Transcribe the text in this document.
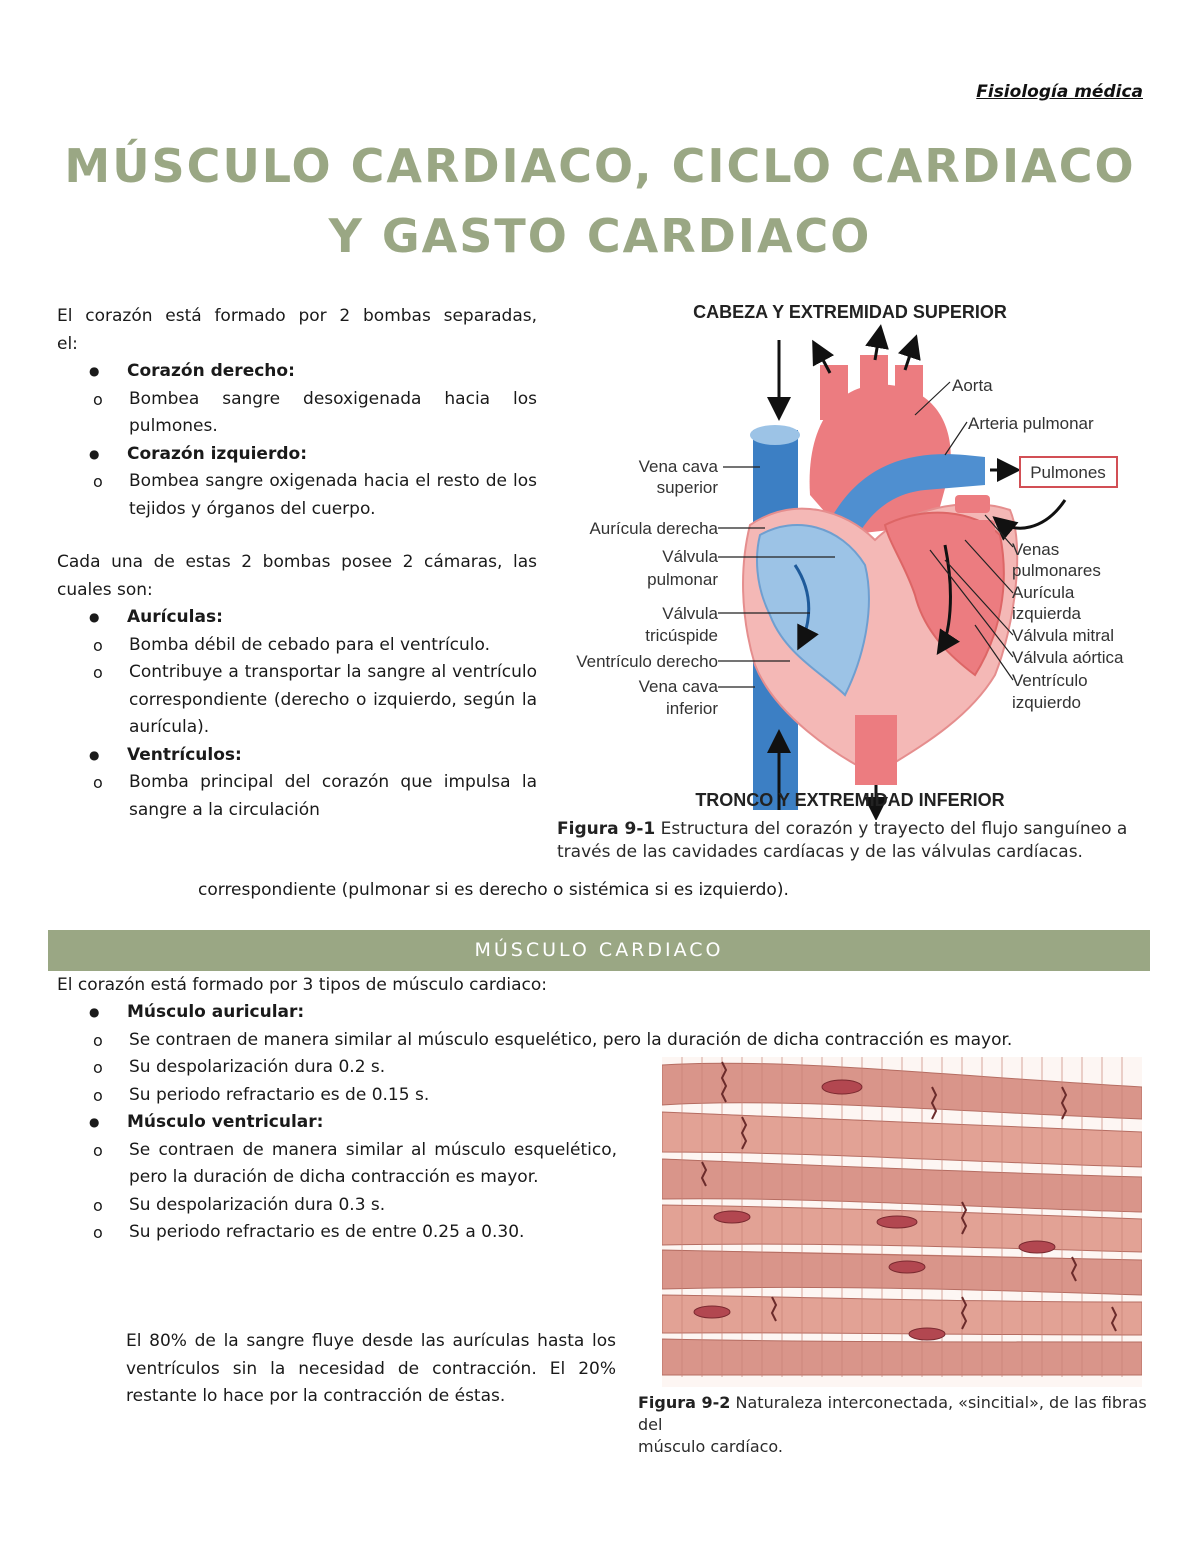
Fisiología médica
MÚSCULO CARDIACO, CICLO CARDIACO
Y GASTO CARDIACO
El corazón está formado por 2 bombas separadas,
el:
● Corazón derecho:
o Bombea sangre desoxigenada hacia los pulmones.
● Corazón izquierdo:
o Bombea sangre oxigenada hacia el resto de los tejidos y órganos del cuerpo.
Cada una de estas 2 bombas posee 2 cámaras, las cuales son:
● Aurículas:
o Bomba débil de cebado para el ventrículo.
o Contribuye a transportar la sangre al ventrículo correspondiente (derecho o izquierdo, según la aurícula).
● Ventrículos:
o Bomba principal del corazón que impulsa la sangre a la circulación
correspondiente (pulmonar si es derecho o sistémica si es izquierdo).
CABEZA Y EXTREMIDAD SUPERIOR
TRONCO Y EXTREMIDAD INFERIOR
Aorta
Arteria pulmonar
Pulmones
Vena cava
superior
Aurícula derecha
Válvula
pulmonar
Válvula
tricúspide
Ventrículo derecho
Vena cava
inferior
Venas
pulmonares
Aurícula
izquierda
Válvula mitral
Válvula aórtica
Ventrículo
izquierdo
Figura 9-1 Estructura del corazón y trayecto del flujo sanguíneo a
través de las cavidades cardíacas y de las válvulas cardíacas.
MÚSCULO CARDIACO
El corazón está formado por 3 tipos de músculo cardiaco:
● Músculo auricular:
o Se contraen de manera similar al músculo esquelético, pero la duración de dicha contracción es mayor.
o Su despolarización dura 0.2 s.
o Su periodo refractario es de 0.15 s.
● Músculo ventricular:
o Se contraen de manera similar al músculo esquelético, pero la duración de dicha contracción es mayor.
o Su despolarización dura 0.3 s.
o Su periodo refractario es de entre 0.25 a 0.30.
El 80% de la sangre fluye desde las aurículas hasta los ventrículos sin la necesidad de contracción. El 20% restante lo hace por la contracción de éstas.	Figura 9-2 Naturaleza interconectada, «sincitial», de las fibras del
músculo cardíaco.
